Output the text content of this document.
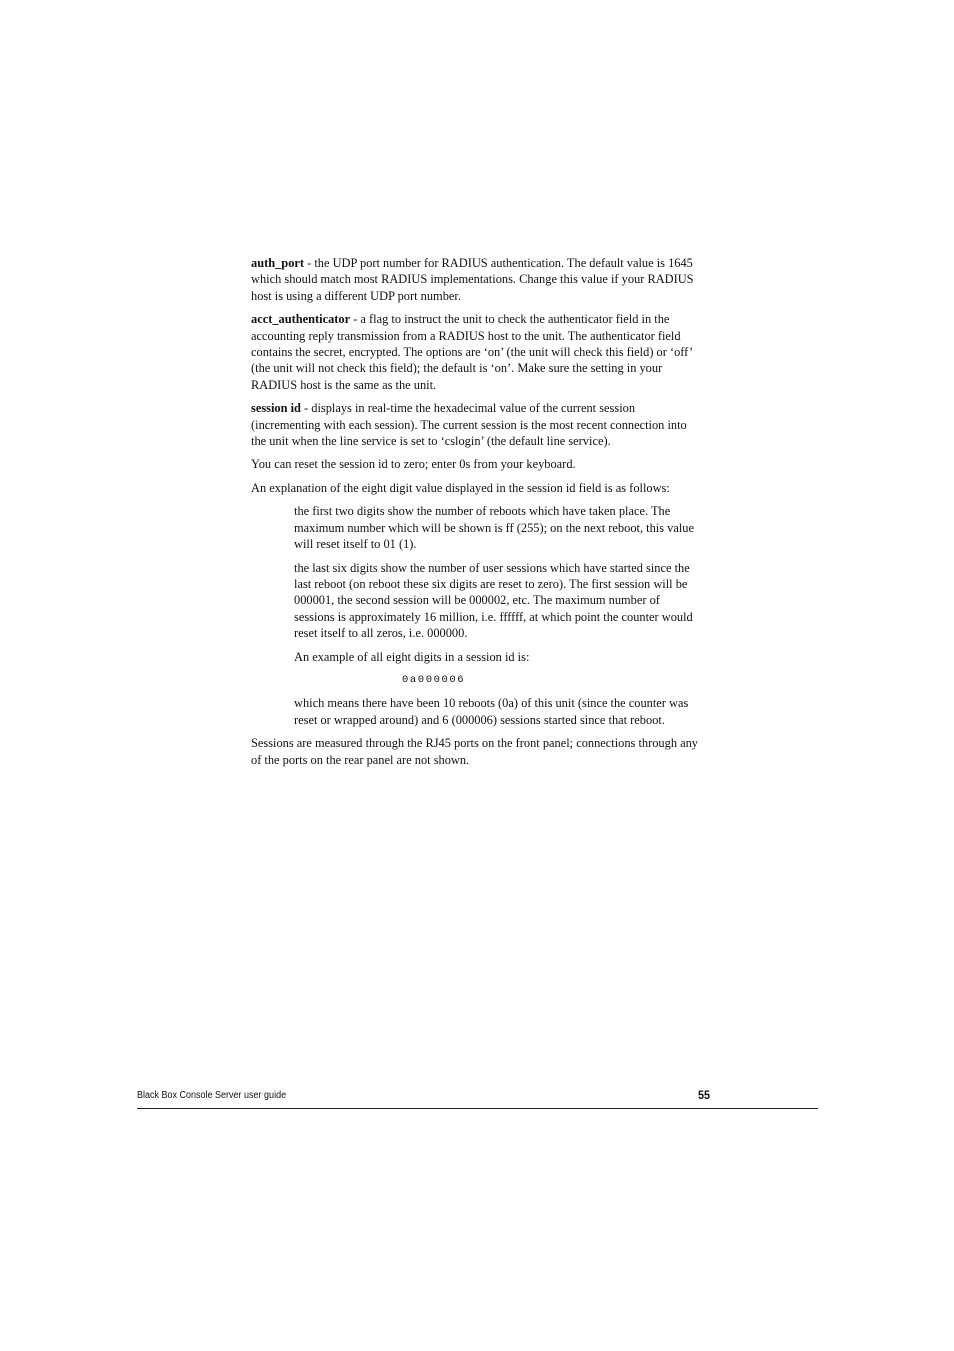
auth_port - the UDP port number for RADIUS authentication. The default value is 1645 which should match most RADIUS implementations. Change this value if your RADIUS host is using a different UDP port number.

acct_authenticator - a flag to instruct the unit to check the authenticator field in the accounting reply transmission from a RADIUS host to the unit. The authenticator field contains the secret, encrypted. The options are ‘on’ (the unit will check this field) or ‘off’ (the unit will not check this field); the default is ‘on’. Make sure the setting in your RADIUS host is the same as the unit.

session id - displays in real-time the hexadecimal value of the current session (incrementing with each session). The current session is the most recent connection into the unit when the line service is set to ‘cslogin’ (the default line service).

You can reset the session id to zero; enter 0s from your keyboard.

An explanation of the eight digit value displayed in the session id field is as follows:

the first two digits show the number of reboots which have taken place. The maximum number which will be shown is ff (255); on the next reboot, this value will reset itself to 01 (1).

the last six digits show the number of user sessions which have started since the last reboot (on reboot these six digits are reset to zero). The first session will be 000001, the second session will be 000002, etc. The maximum number of sessions is approximately 16 million, i.e. ffffff, at which point the counter would reset itself to all zeros, i.e. 000000.

An example of all eight digits in a session id is:

0a000006

which means there have been 10 reboots (0a) of this unit (since the counter was reset or wrapped around) and 6 (000006) sessions started since that reboot.

Sessions are measured through the RJ45 ports on the front panel; connections through any of the ports on the rear panel are not shown.

Black Box Console Server user guide	55
